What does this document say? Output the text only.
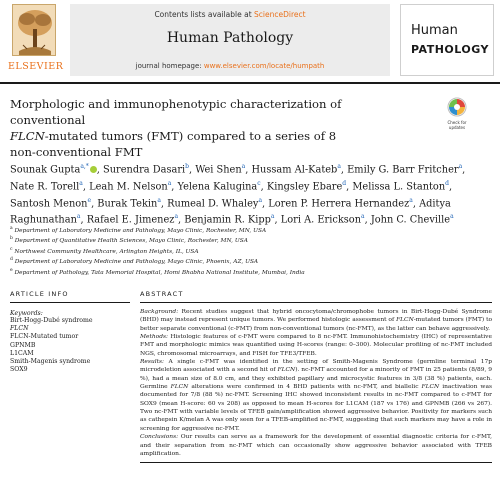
ELSEVIER
Contents lists available at ScienceDirect
Human Pathology
journal homepage: www.elsevier.com/locate/humpath
Human
PATHOLOGY
Morphologic and immunophenotypic characterization of conventional
FLCN-mutated tumors (FMT) compared to a series of 8
non-conventional FMT
Check for updates
Sounak Gupta$^{a,*}$ , Surendra Dasari$^b$, Wei Shen$^a$, Hussam Al-Kateb$^a$, Emily G. Barr Fritcher$^a$, Nate R. Torell$^a$, Leah M. Nelson$^a$, Yelena Kalugina$^c$, Kingsley Ebare$^d$, Melissa L. Stanton$^d$, Santosh Menon$^e$, Burak Tekin$^a$, Rumeal D. Whaley$^a$, Loren P. Herrera Hernandez$^a$, Aditya Raghunathan$^a$, Rafael E. Jimenez$^a$, Benjamin R. Kipp$^a$, Lori A. Erickson$^a$, John C. Cheville$^a$
$^a$ Department of Laboratory Medicine and Pathology, Mayo Clinic, Rochester, MN, USA
$^b$ Department of Quantitative Health Sciences, Mayo Clinic, Rochester, MN, USA
$^c$ Northwest Community Healthcare, Arlington Heights, IL, USA
$^d$ Department of Laboratory Medicine and Pathology, Mayo Clinic, Phoenix, AZ, USA
$^e$ Department of Pathology, Tata Memorial Hospital, Homi Bhabha National Institute, Mumbai, India
ARTICLE INFO
Keywords:
Birt-Hogg-Dubé syndrome
FLCN
FLCN-Mutated tumor
GPNMB
L1CAM
Smith-Magenis syndrome
SOX9
ABSTRACT

Background: Recent studies suggest that hybrid oncocytoma/chromophobe tumors in Birt-Hogg-Dubé Syndrome (BHD) may instead represent unique tumors. We performed histologic assessment of FLCN-mutated tumors (FMT) to better separate conventional (c-FMT) from non-conventional tumors (nc-FMT), as the latter can behave aggressively.

Methods: Histologic features of c-FMT were compared to 8 nc-FMT. Immunohistochemistry (IHC) of representative FMT and morphologic mimics was quantified using H-scores (range: 0–300). Molecular profiling of nc-FMT included NGS, chromosomal microarrays, and FISH for TFE3/TFEB.

Results: A single c-FMT was identified in the setting of Smith-Magenis Syndrome (germline terminal 17p microdeletion associated with a second hit of FLCN). nc-FMT accounted for a minority of FMT in 25 patients (8/89, 9 %), had a mean size of 8.0 cm, and they exhibited papillary and microcystic features in 3/8 (38 %) patients, each. Germline FLCN alterations were confirmed in 4 BHD patients with nc-FMT, and biallelic FLCN inactivation was documented for 7/8 (88 %) nc-FMT. Screening IHC showed inconsistent results in nc-FMT compared to c-FMT for SOX9 (mean H-score: 60 vs 208) as opposed to mean H-scores for L1CAM (187 vs 176) and GPNMB (266 vs 267). Two nc-FMT with variable levels of TFEB gain/amplification showed aggressive behavior. Positivity for markers such as cathepsin K/melan A was only seen for a TFEB-amplified nc-FMT, suggesting that such markers may have a role in screening for aggressive nc-FMT.

Conclusions: Our results can serve as a framework for the development of essential diagnostic criteria for c-FMT, and their separation from nc-FMT which can occasionally show aggressive behavior associated with TFEB amplification.
